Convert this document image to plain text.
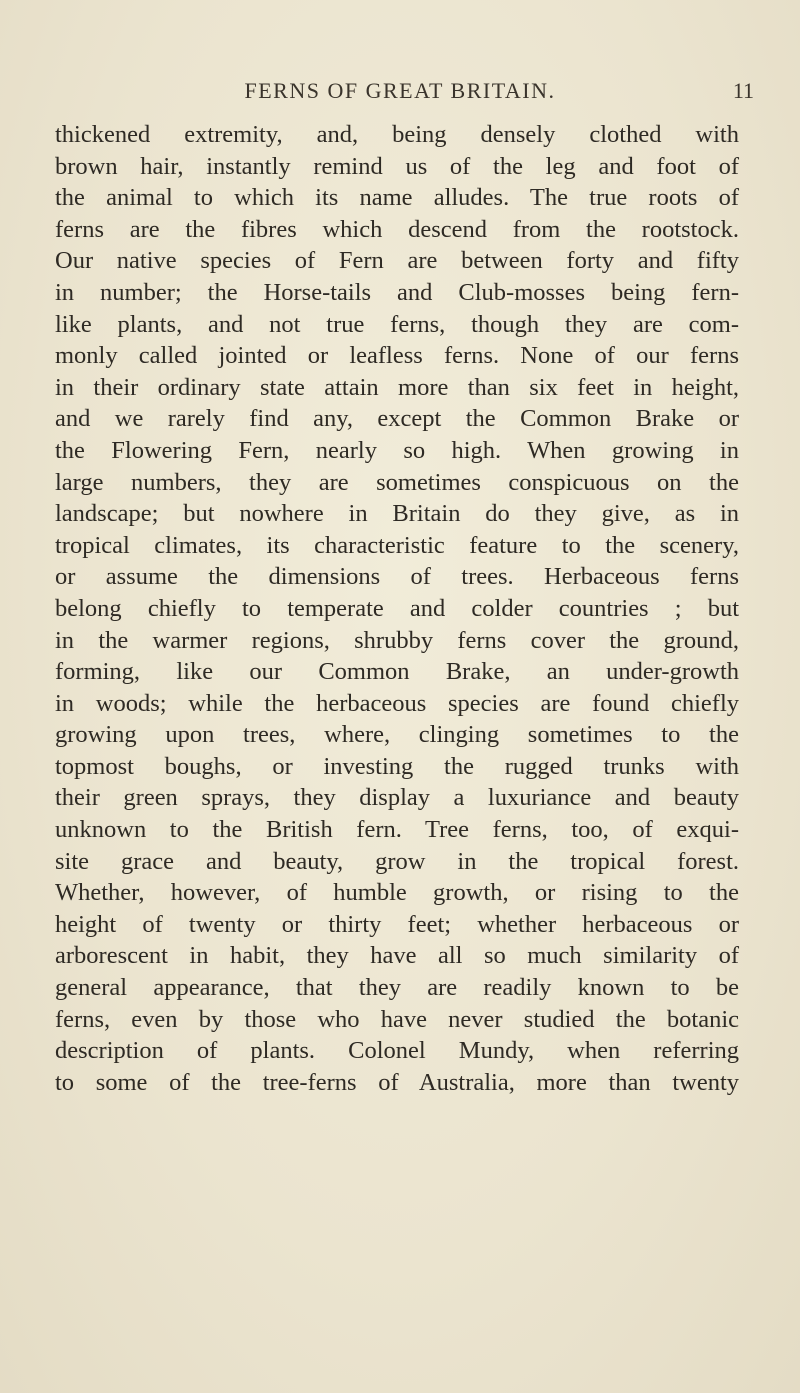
FERNS OF GREAT BRITAIN.	11
thickened extremity, and, being densely clothed with
brown hair, instantly remind us of the leg and foot of
the animal to which its name alludes. The true roots of
ferns are the fibres which descend from the rootstock.
Our native species of Fern are between forty and fifty
in number; the Horse-tails and Club-mosses being fern-
like plants, and not true ferns, though they are com-
monly called jointed or leafless ferns. None of our ferns
in their ordinary state attain more than six feet in height,
and we rarely find any, except the Common Brake or
the Flowering Fern, nearly so high. When growing in
large numbers, they are sometimes conspicuous on the
landscape; but nowhere in Britain do they give, as in
tropical climates, its characteristic feature to the scenery,
or assume the dimensions of trees. Herbaceous ferns
belong chiefly to temperate and colder countries ; but
in the warmer regions, shrubby ferns cover the ground,
forming, like our Common Brake, an under-growth
in woods; while the herbaceous species are found chiefly
growing upon trees, where, clinging sometimes to the
topmost boughs, or investing the rugged trunks with
their green sprays, they display a luxuriance and beauty
unknown to the British fern. Tree ferns, too, of exqui-
site grace and beauty, grow in the tropical forest.
Whether, however, of humble growth, or rising to the
height of twenty or thirty feet; whether herbaceous or
arborescent in habit, they have all so much similarity of
general appearance, that they are readily known to be
ferns, even by those who have never studied the botanic
description of plants. Colonel Mundy, when referring
to some of the tree-ferns of Australia, more than twenty
